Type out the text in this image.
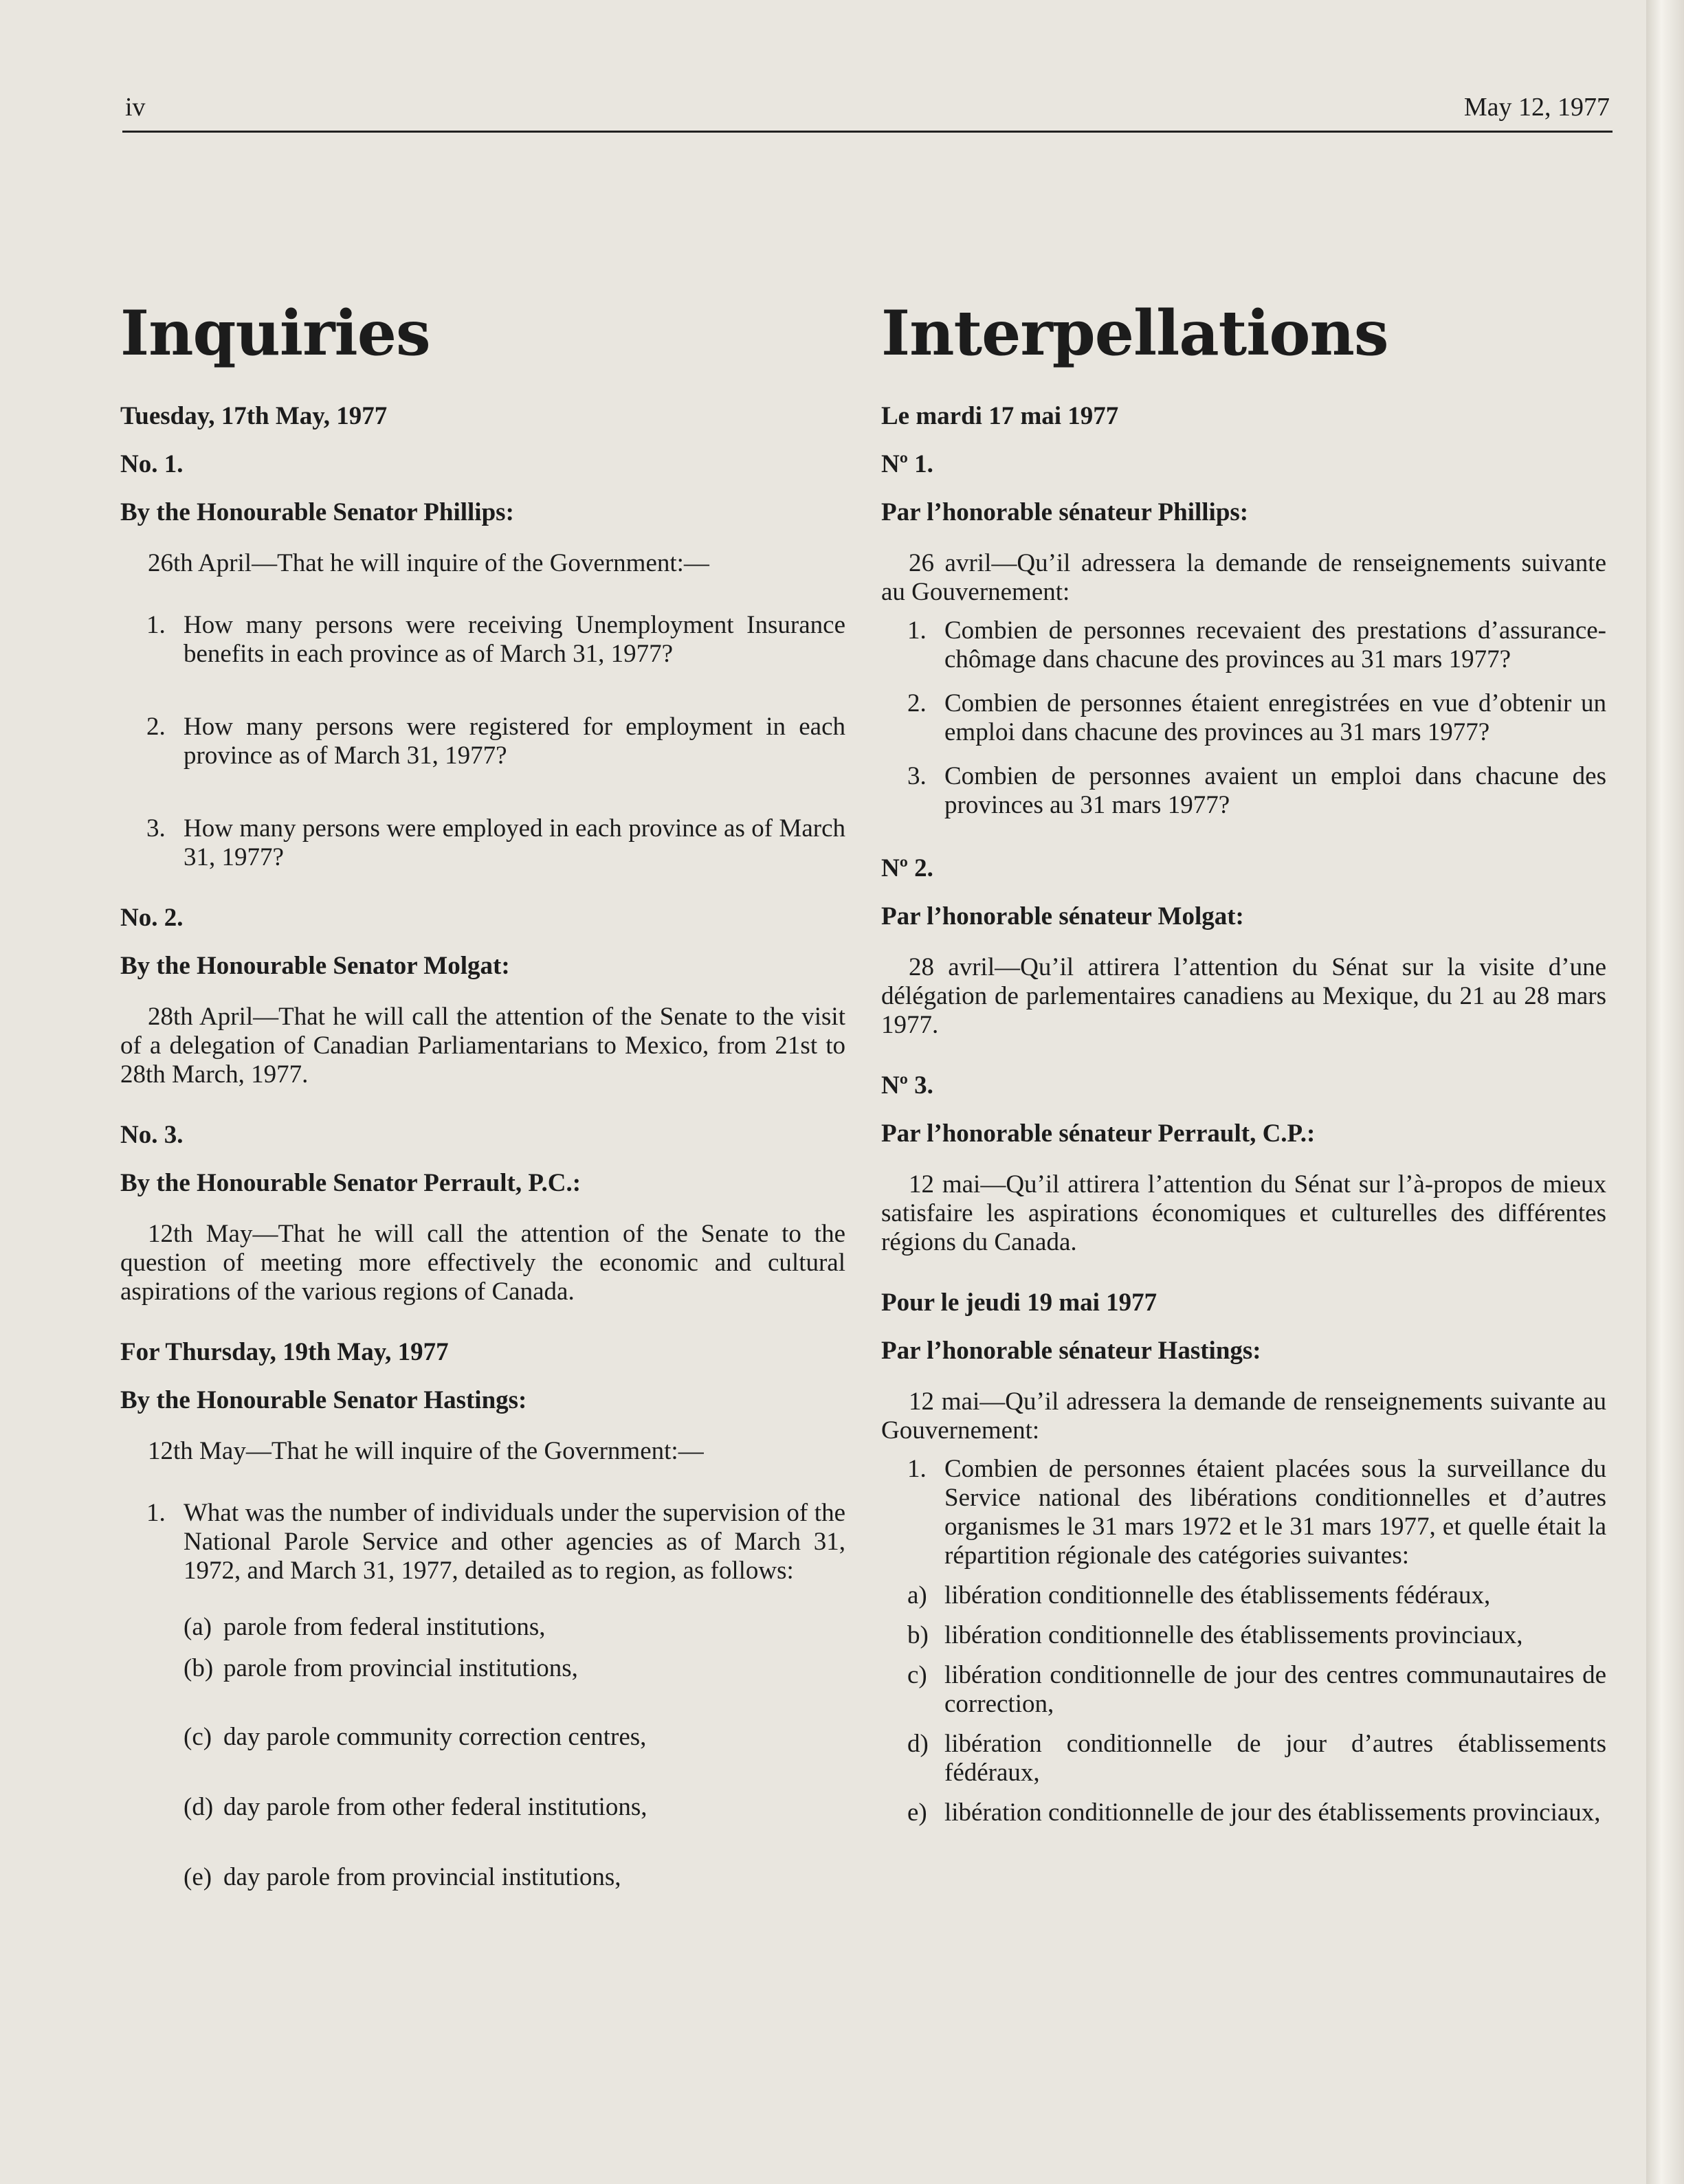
iv	May 12, 1977
Inquiries

Tuesday, 17th May, 1977

No. 1.

By the Honourable Senator Phillips:

26th April—That he will inquire of the Government:—

1. How many persons were receiving Unemployment Insurance benefits in each province as of March 31, 1977?
2. How many persons were registered for employment in each province as of March 31, 1977?
3. How many persons were employed in each province as of March 31, 1977?

No. 2.

By the Honourable Senator Molgat:

28th April—That he will call the attention of the Senate to the visit of a delegation of Canadian Parliamentarians to Mexico, from 21st to 28th March, 1977.

No. 3.

By the Honourable Senator Perrault, P.C.:

12th May—That he will call the attention of the Senate to the question of meeting more effectively the economic and cultural aspirations of the various regions of Canada.

For Thursday, 19th May, 1977

By the Honourable Senator Hastings:

12th May—That he will inquire of the Government:—

1. What was the number of individuals under the supervision of the National Parole Service and other agencies as of March 31, 1972, and March 31, 1977, detailed as to region, as follows:
(a) parole from federal institutions,
(b) parole from provincial institutions,
(c) day parole community correction centres,
(d) day parole from other federal institutions,
(e) day parole from provincial institutions,
Interpellations

Le mardi 17 mai 1977

Nº 1.

Par l’honorable sénateur Phillips:

26 avril—Qu’il adressera la demande de renseignements suivante au Gouvernement:

1. Combien de personnes recevaient des prestations d’assurance-chômage dans chacune des provinces au 31 mars 1977?
2. Combien de personnes étaient enregistrées en vue d’obtenir un emploi dans chacune des provinces au 31 mars 1977?
3. Combien de personnes avaient un emploi dans chacune des provinces au 31 mars 1977?

Nº 2.

Par l’honorable sénateur Molgat:

28 avril—Qu’il attirera l’attention du Sénat sur la visite d’une délégation de parlementaires canadiens au Mexique, du 21 au 28 mars 1977.

Nº 3.

Par l’honorable sénateur Perrault, C.P.:

12 mai—Qu’il attirera l’attention du Sénat sur l’à-propos de mieux satisfaire les aspirations économiques et culturelles des différentes régions du Canada.

Pour le jeudi 19 mai 1977

Par l’honorable sénateur Hastings:

12 mai—Qu’il adressera la demande de renseignements suivante au Gouvernement:

1. Combien de personnes étaient placées sous la surveillance du Service national des libérations conditionnelles et d’autres organismes le 31 mars 1972 et le 31 mars 1977, et quelle était la répartition régionale des catégories suivantes:
a) libération conditionnelle des établissements fédéraux,
b) libération conditionnelle des établissements provinciaux,
c) libération conditionnelle de jour des centres communautaires de correction,
d) libération conditionnelle de jour d’autres établissements fédéraux,
e) libération conditionnelle de jour des établissements provinciaux,
